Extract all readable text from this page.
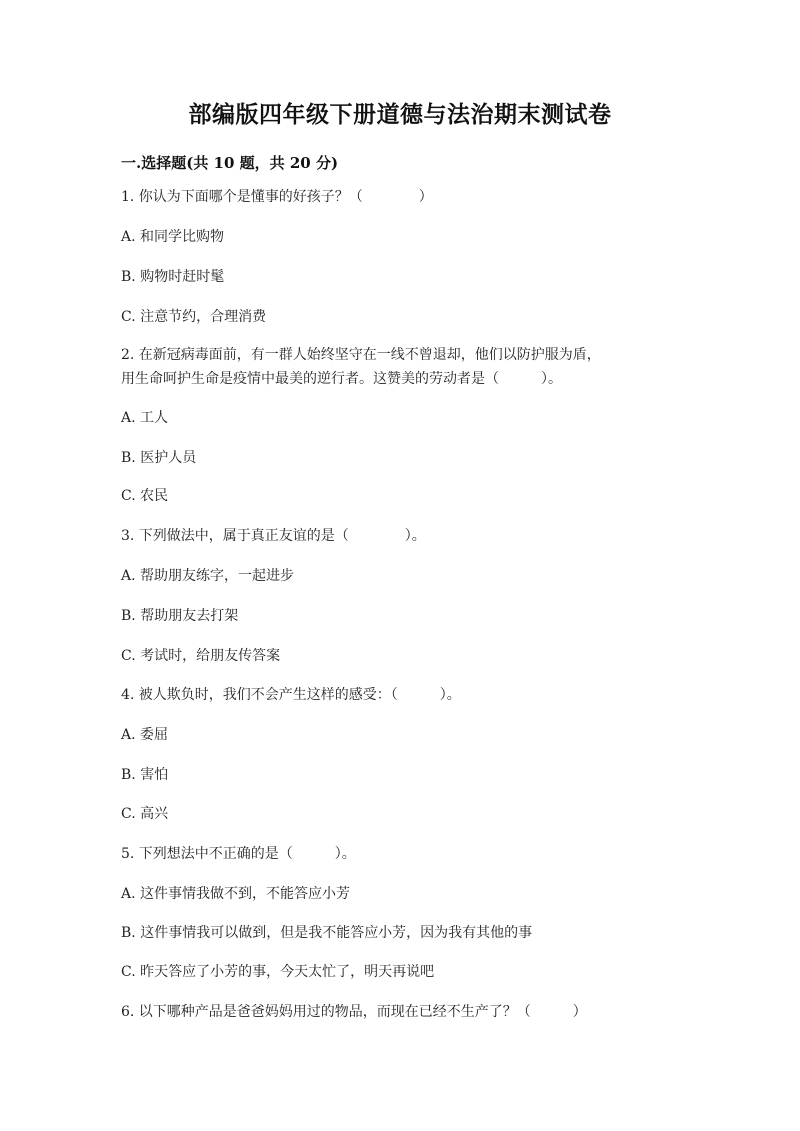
部编版四年级下册道德与法治期末测试卷
一.选择题(共 10 题，共 20 分)
1. 你认为下面哪个是懂事的好孩子？（　　　　）
A. 和同学比购物
B. 购物时赶时髦
C. 注意节约，合理消费
2. 在新冠病毒面前，有一群人始终坚守在一线不曾退却，他们以防护服为盾，
用生命呵护生命是疫情中最美的逆行者。这赞美的劳动者是（　　　）。
A. 工人
B. 医护人员
C. 农民
3. 下列做法中，属于真正友谊的是（　　　　）。
A. 帮助朋友练字，一起进步
B. 帮助朋友去打架
C. 考试时，给朋友传答案
4. 被人欺负时，我们不会产生这样的感受：（　　　）。
A. 委屈
B. 害怕
C. 高兴
5. 下列想法中不正确的是（　　　）。
A. 这件事情我做不到，不能答应小芳
B. 这件事情我可以做到，但是我不能答应小芳，因为我有其他的事
C. 昨天答应了小芳的事，今天太忙了，明天再说吧
6. 以下哪种产品是爸爸妈妈用过的物品，而现在已经不生产了？（　　　）
